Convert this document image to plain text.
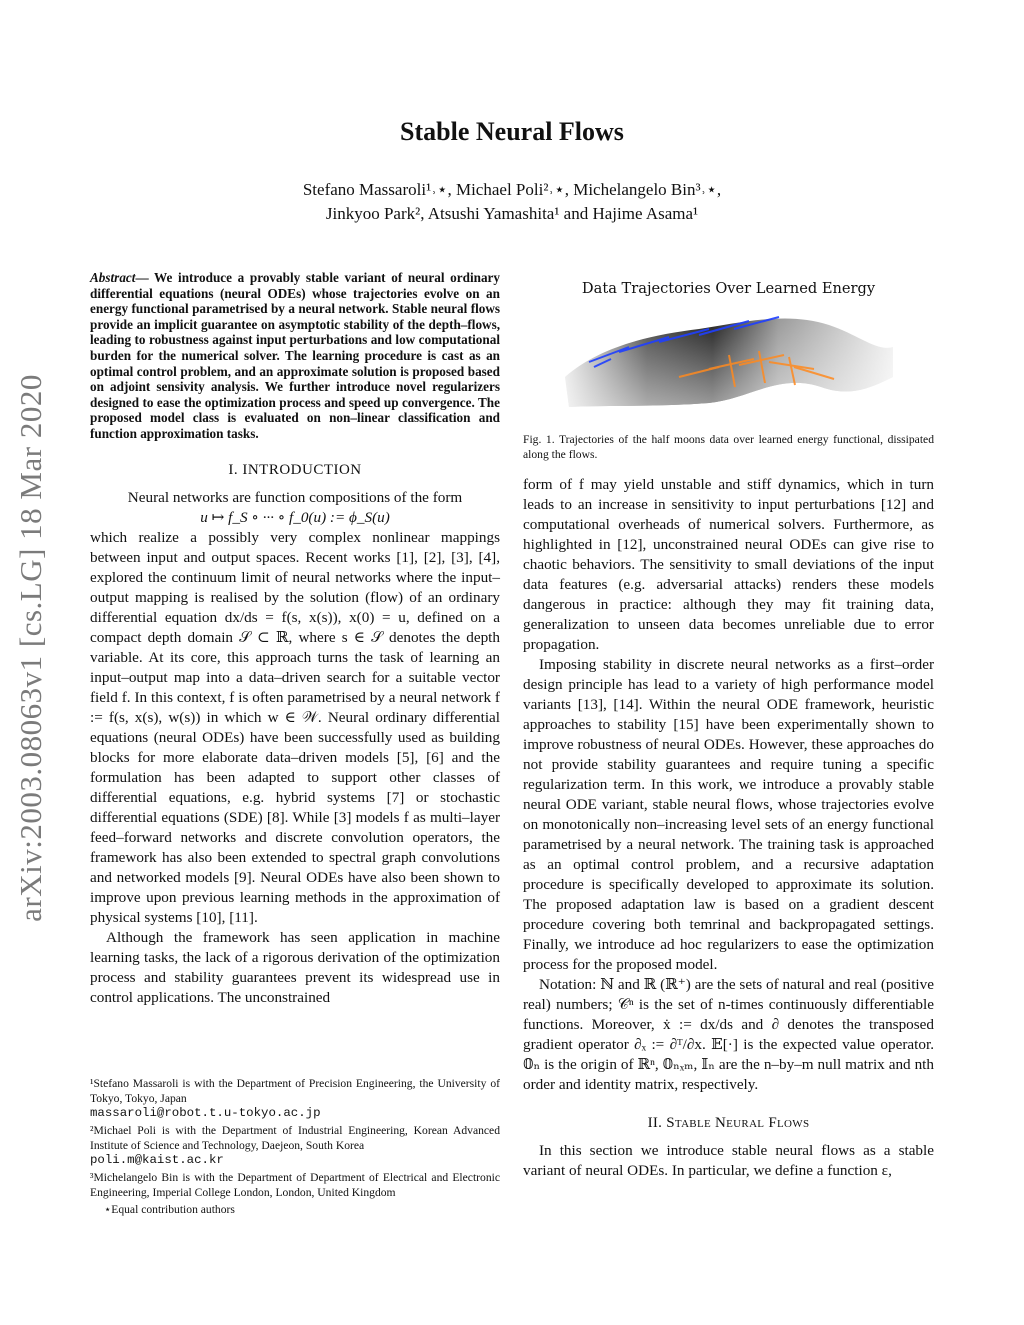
arXiv:2003.08063v1 [cs.LG] 18 Mar 2020
Stable Neural Flows
Stefano Massaroli¹˒⋆, Michael Poli²˒⋆, Michelangelo Bin³˒⋆,
Jinkyoo Park², Atsushi Yamashita¹ and Hajime Asama¹
Abstract— We introduce a provably stable variant of neural ordinary differential equations (neural ODEs) whose trajectories evolve on an energy functional parametrised by a neural network. Stable neural flows provide an implicit guarantee on asymptotic stability of the depth–flows, leading to robustness against input perturbations and low computational burden for the numerical solver. The learning procedure is cast as an optimal control problem, and an approximate solution is proposed based on adjoint sensivity analysis. We further introduce novel regularizers designed to ease the optimization process and speed up convergence. The proposed model class is evaluated on non–linear classification and function approximation tasks.
I. INTRODUCTION

Neural networks are function compositions of the form

u ↦ f_S ∘ ··· ∘ f_0(u) := ϕ_S(u)

which realize a possibly very complex nonlinear mappings between input and output spaces. Recent works [1], [2], [3], [4], explored the continuum limit of neural networks where the input–output mapping is realised by the solution (flow) of an ordinary differential equation dx/ds = f(s, x(s)), x(0) = u, defined on a compact depth domain 𝒮 ⊂ ℝ, where s ∈ 𝒮 denotes the depth variable. At its core, this approach turns the task of learning an input–output map into a data–driven search for a suitable vector field f. In this context, f is often parametrised by a neural network f := f(s, x(s), w(s)) in which w ∈ 𝒲. Neural ordinary differential equations (neural ODEs) have been successfully used as building blocks for more elaborate data–driven models [5], [6] and the formulation has been adapted to support other classes of differential equations, e.g. hybrid systems [7] or stochastic differential equations (SDE) [8]. While [3] models f as multi–layer feed–forward networks and discrete convolution operators, the framework has also been extended to spectral graph convolutions and networked models [9]. Neural ODEs have also been shown to improve upon previous learning methods in the approximation of physical systems [10], [11].

Although the framework has seen application in machine learning tasks, the lack of a rigorous derivation of the optimization process and stability guarantees prevent its widespread use in control applications. The unconstrained

¹Stefano Massaroli is with the Department of Precision Engineering, the University of Tokyo, Tokyo, Japan
massaroli@robot.t.u-tokyo.ac.jp
²Michael Poli is with the Department of Industrial Engineering, Korean Advanced Institute of Science and Technology, Daejeon, South Korea
poli.m@kaist.ac.kr
³Michelangelo Bin is with the Department of Department of Electrical and Electronic Engineering, Imperial College London, London, United Kingdom
⋆Equal contribution authors
Data Trajectories Over Learned Energy
Fig. 1. Trajectories of the half moons data over learned energy functional, dissipated along the flows.

form of f may yield unstable and stiff dynamics, which in turn leads to an increase in sensitivity to input perturbations [12] and computational overheads of numerical solvers. Furthermore, as highlighted in [12], unconstrained neural ODEs can give rise to chaotic behaviors. The sensitivity to small deviations of the input data features (e.g. adversarial attacks) renders these models dangerous in practice: although they may fit training data, generalization to unseen data becomes unreliable due to error propagation.

Imposing stability in discrete neural networks as a first–order design principle has lead to a variety of high performance model variants [13], [14]. Within the neural ODE framework, heuristic approaches to stability [15] have been experimentally shown to improve robustness of neural ODEs. However, these approaches do not provide stability guarantees and require tuning a specific regularization term. In this work, we introduce a provably stable neural ODE variant, stable neural flows, whose trajectories evolve on monotonically non–increasing level sets of an energy functional parametrised by a neural network. The training task is approached as an optimal control problem, and a recursive adaptation procedure is specifically developed to approximate its solution. The proposed adaptation law is based on a gradient descent procedure covering both temrinal and backpropagated settings. Finally, we introduce ad hoc regularizers to ease the optimization process for the proposed model.

Notation: ℕ and ℝ (ℝ⁺) are the sets of natural and real (positive real) numbers; 𝒞ⁿ is the set of n-times continuously differentiable functions. Moreover, ẋ := dx/ds and ∂ denotes the transposed gradient operator ∂ₓ := ∂ᵀ/∂x. 𝔼[·] is the expected value operator. 𝟘ₙ is the origin of ℝⁿ, 𝟘ₙₓₘ, 𝕀ₙ are the n–by–m null matrix and nth order and identity matrix, respectively.

II. Stable Neural Flows

In this section we introduce stable neural flows as a stable variant of neural ODEs. In particular, we define a function ε,
